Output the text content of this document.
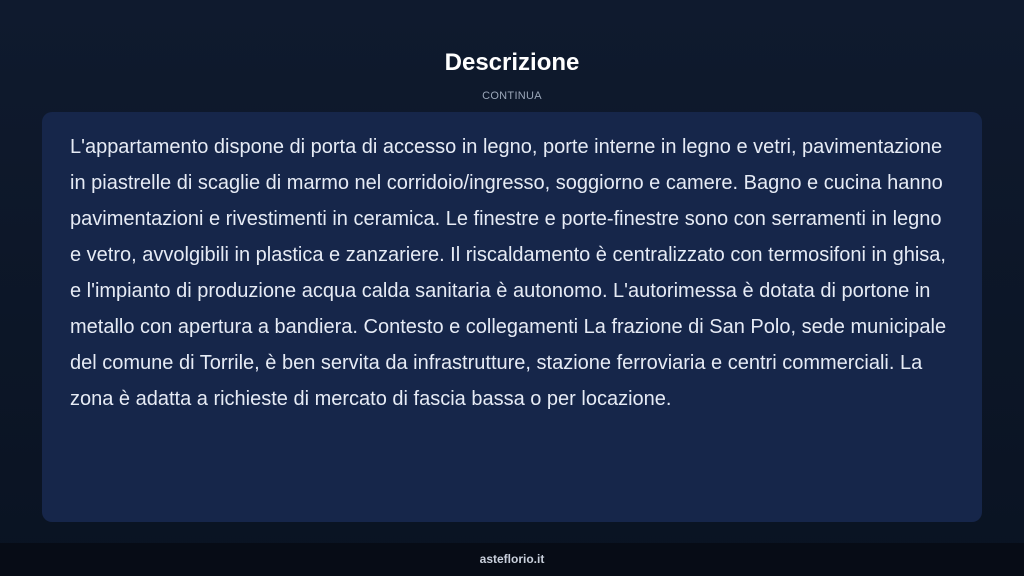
Descrizione
CONTINUA

L'appartamento dispone di porta di accesso in legno, porte interne in legno e vetri, pavimentazione in piastrelle di scaglie di marmo nel corridoio/ingresso, soggiorno e camere. Bagno e cucina hanno pavimentazioni e rivestimenti in ceramica. Le finestre e porte-finestre sono con serramenti in legno e vetro, avvolgibili in plastica e zanzariere. Il riscaldamento è centralizzato con termosifoni in ghisa, e l'impianto di produzione acqua calda sanitaria è autonomo. L'autorimessa è dotata di portone in metallo con apertura a bandiera. Contesto e collegamenti La frazione di San Polo, sede municipale del comune di Torrile, è ben servita da infrastrutture, stazione ferroviaria e centri commerciali. La zona è adatta a richieste di mercato di fascia bassa o per locazione.

asteflorio.it
